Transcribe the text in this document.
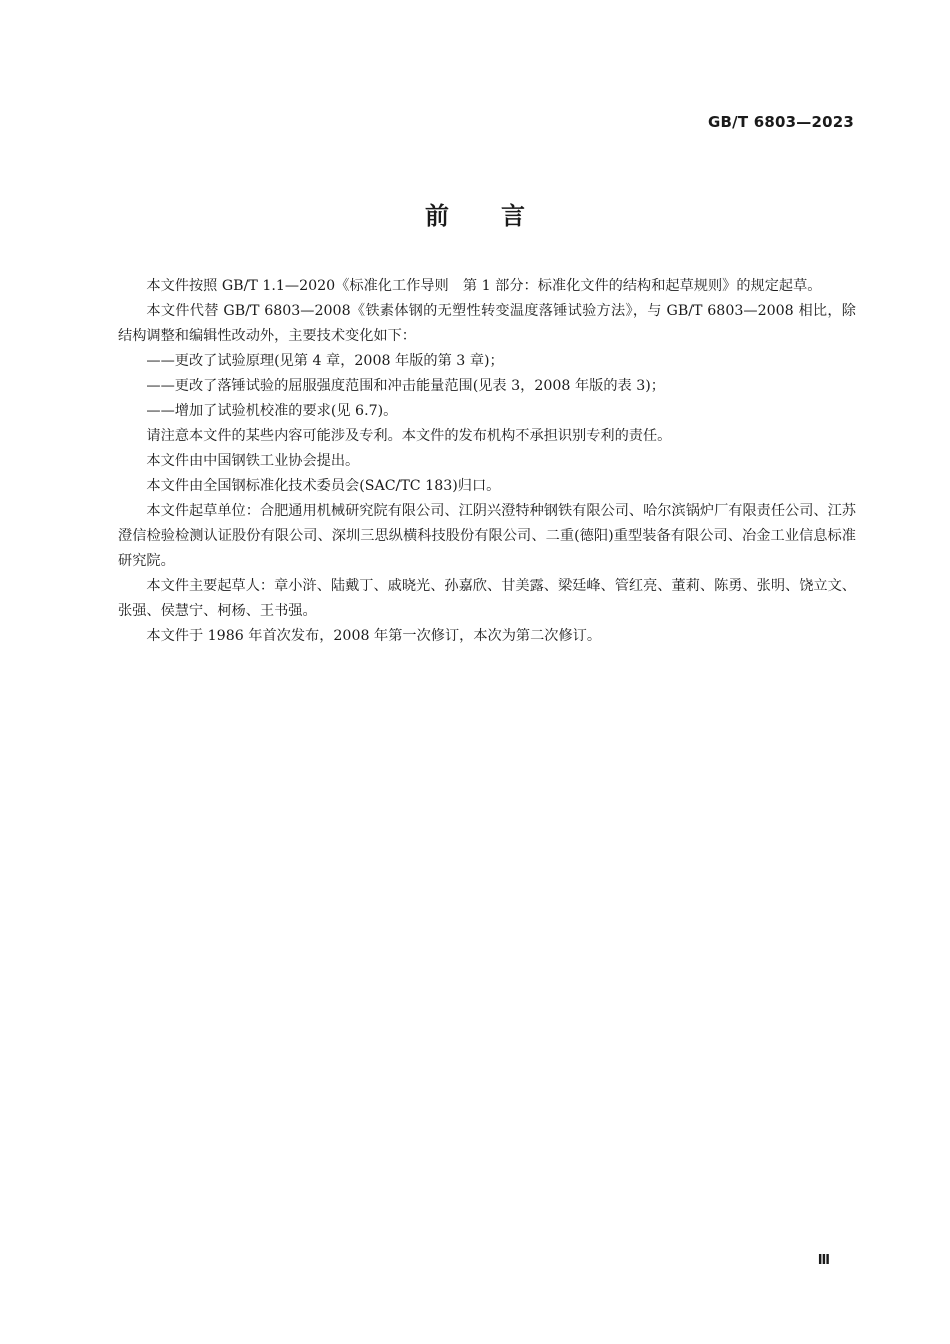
GB/T 6803—2023
前言

本文件按照 GB/T 1.1—2020《标准化工作导则　第 1 部分：标准化文件的结构和起草规则》的规定起草。

本文件代替 GB/T 6803—2008《铁素体钢的无塑性转变温度落锤试验方法》，与 GB/T 6803—2008 相比，除结构调整和编辑性改动外，主要技术变化如下：

——更改了试验原理(见第 4 章，2008 年版的第 3 章)；

——更改了落锤试验的屈服强度范围和冲击能量范围(见表 3，2008 年版的表 3)；

——增加了试验机校准的要求(见 6.7)。

请注意本文件的某些内容可能涉及专利。本文件的发布机构不承担识别专利的责任。

本文件由中国钢铁工业协会提出。

本文件由全国钢标准化技术委员会(SAC/TC 183)归口。

本文件起草单位：合肥通用机械研究院有限公司、江阴兴澄特种钢铁有限公司、哈尔滨锅炉厂有限责任公司、江苏澄信检验检测认证股份有限公司、深圳三思纵横科技股份有限公司、二重(德阳)重型装备有限公司、冶金工业信息标准研究院。

本文件主要起草人：章小浒、陆戴丁、戚晓光、孙嘉欣、甘美露、梁廷峰、管红亮、董莉、陈勇、张明、饶立文、张强、侯慧宁、柯杨、王书强。

本文件于 1986 年首次发布，2008 年第一次修订，本次为第二次修订。

Ⅲ
